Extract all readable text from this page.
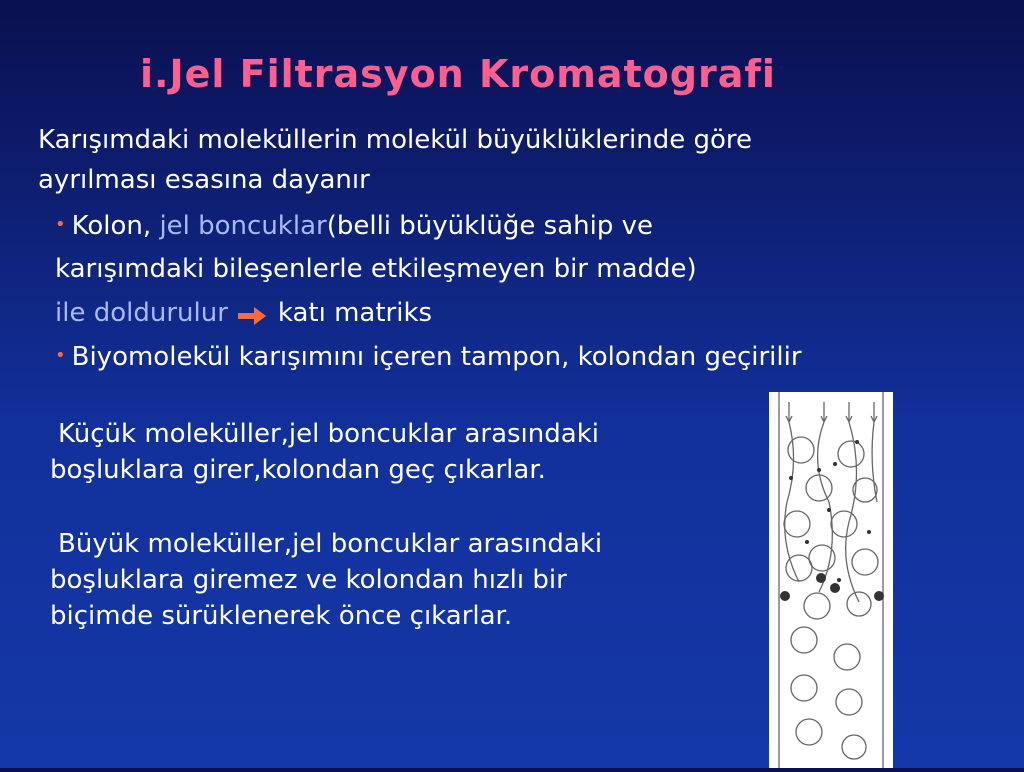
i.Jel Filtrasyon Kromatografi
Karışımdaki moleküllerin molekül büyüklüklerinde göre
ayrılması esasına dayanır
• Kolon, jel boncuklar(belli büyüklüğe sahip ve
karışımdaki bileşenlerle etkileşmeyen bir madde)
ile doldurulur katı matriks
• Biyomolekül karışımını içeren tampon, kolondan geçirilir
Küçük moleküller,jel boncuklar arasındaki
boşluklara girer,kolondan geç çıkarlar.
Büyük moleküller,jel boncuklar arasındaki
boşluklara giremez ve kolondan hızlı bir
biçimde sürüklenerek önce çıkarlar.
